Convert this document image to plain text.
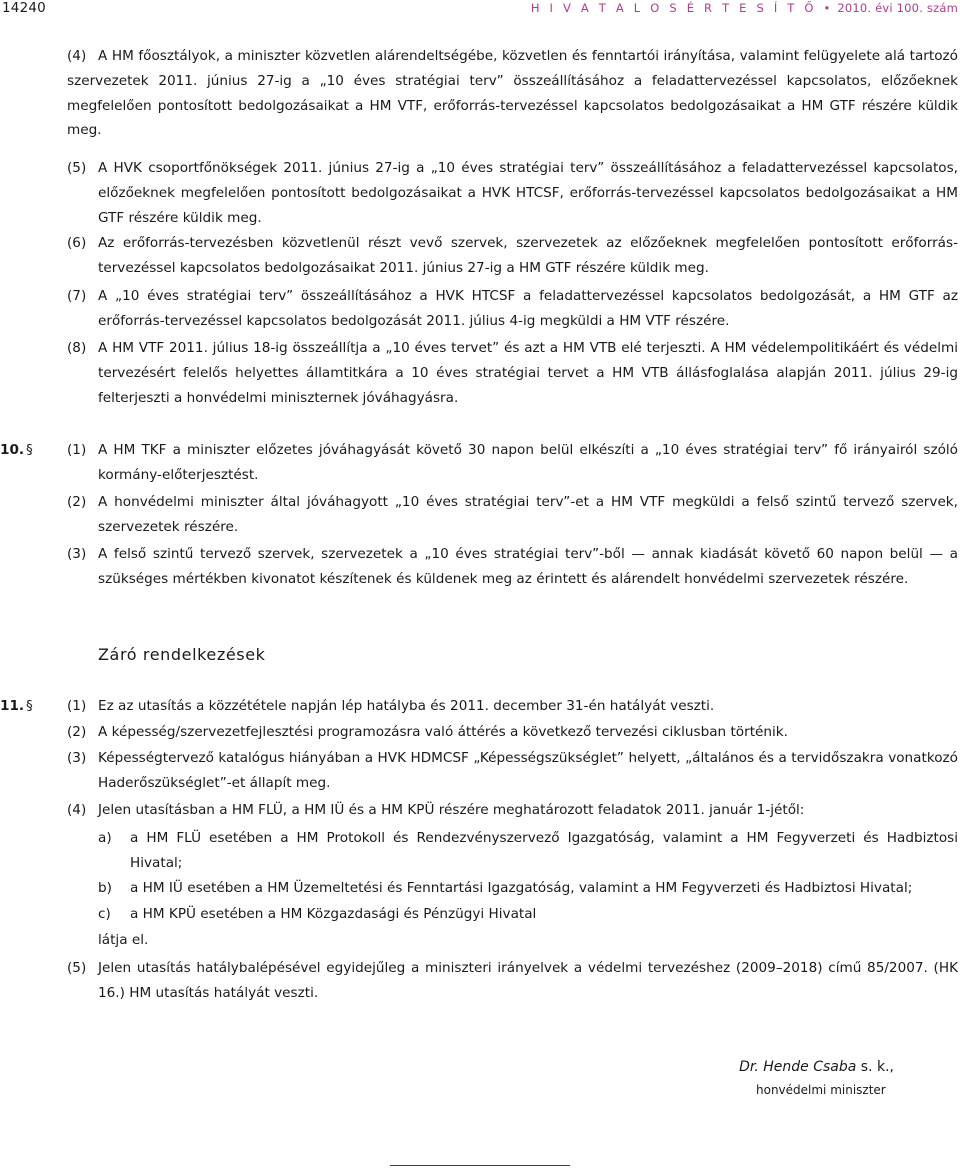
14240	H I V A T A L O S É R T E S Í T Ő • 2010. évi 100. szám
(4) A HM főosztályok, a miniszter közvetlen alárendeltségébe, közvetlen és fenntartói irányítása, valamint felügyelete alá tartozó szervezetek 2011. június 27-ig a „10 éves stratégiai terv” összeállításához a feladattervezéssel kapcsolatos, előzőeknek megfelelően pontosított bedolgozásaikat a HM VTF, erőforrás-tervezéssel kapcsolatos bedolgozásaikat a HM GTF részére küldik meg.
(5) A HVK csoportfőnökségek 2011. június 27-ig a „10 éves stratégiai terv” összeállításához a feladattervezéssel kapcsolatos, előzőeknek megfelelően pontosított bedolgozásaikat a HVK HTCSF, erőforrás-tervezéssel kapcsolatos bedolgozásaikat a HM GTF részére küldik meg.
(6) Az erőforrás-tervezésben közvetlenül részt vevő szervek, szervezetek az előzőeknek megfelelően pontosított erőforrás-tervezéssel kapcsolatos bedolgozásaikat 2011. június 27-ig a HM GTF részére küldik meg.
(7) A „10 éves stratégiai terv” összeállításához a HVK HTCSF a feladattervezéssel kapcsolatos bedolgozását, a HM GTF az erőforrás-tervezéssel kapcsolatos bedolgozását 2011. július 4-ig megküldi a HM VTF részére.
(8) A HM VTF 2011. július 18-ig összeállítja a „10 éves tervet” és azt a HM VTB elé terjeszti. A HM védelempolitikáért és védelmi tervezésért felelős helyettes államtitkára a 10 éves stratégiai tervet a HM VTB állásfoglalása alapján 2011. július 29-ig felterjeszti a honvédelmi miniszternek jóváhagyásra.
10. §	(1) A HM TKF a miniszter előzetes jóváhagyását követő 30 napon belül elkészíti a „10 éves stratégiai terv” fő irányairól szóló kormány-előterjesztést.
(2) A honvédelmi miniszter által jóváhagyott „10 éves stratégiai terv”-et a HM VTF megküldi a felső szintű tervező szervek, szervezetek részére.
(3) A felső szintű tervező szervek, szervezetek a „10 éves stratégiai terv”-ből — annak kiadását követő 60 napon belül — a szükséges mértékben kivonatot készítenek és küldenek meg az érintett és alárendelt honvédelmi szervezetek részére.
Záró rendelkezések
11. §	(1) Ez az utasítás a közzététele napján lép hatályba és 2011. december 31-én hatályát veszti.
(2) A képesség/szervezetfejlesztési programozásra való áttérés a következő tervezési ciklusban történik.
(3) Képességtervező katalógus hiányában a HVK HDMCSF „Képességszükséglet” helyett, „általános és a tervidőszakra vonatkozó Haderőszükséglet”-et állapít meg.
(4) Jelen utasításban a HM FLÜ, a HM IÜ és a HM KPÜ részére meghatározott feladatok 2011. január 1-jétől:
a) a HM FLÜ esetében a HM Protokoll és Rendezvényszervező Igazgatóság, valamint a HM Fegyverzeti és Hadbiztosi Hivatal;
b) a HM IÜ esetében a HM Üzemeltetési és Fenntartási Igazgatóság, valamint a HM Fegyverzeti és Hadbiztosi Hivatal;
c) a HM KPÜ esetében a HM Közgazdasági és Pénzügyi Hivatal
látja el.
(5) Jelen utasítás hatálybalépésével egyidejűleg a miniszteri irányelvek a védelmi tervezéshez (2009–2018) című 85/2007. (HK 16.) HM utasítás hatályát veszti.
Dr. Hende Csaba s. k.,
honvédelmi miniszter
